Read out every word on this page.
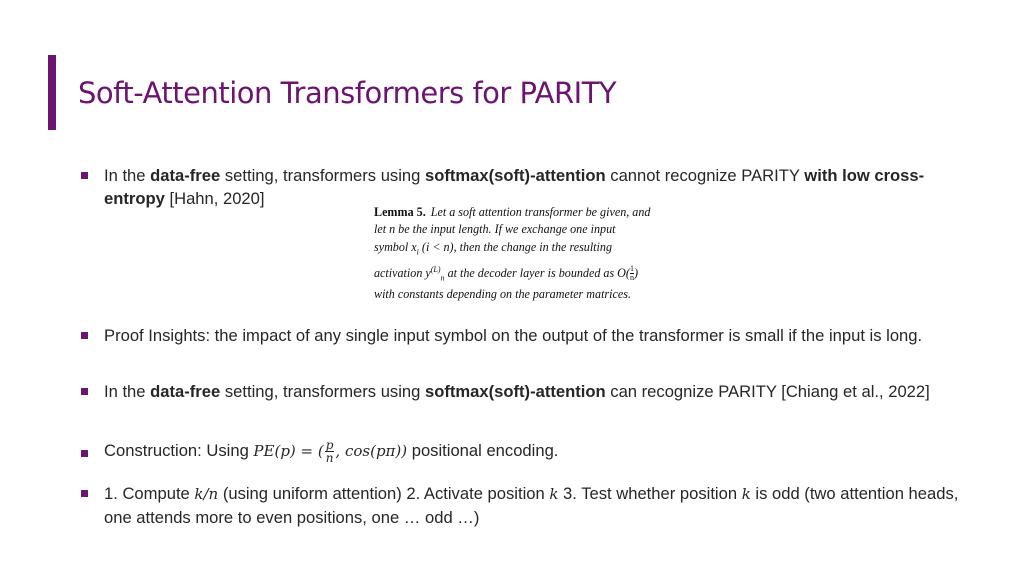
Soft-Attention Transformers for PARITY
In the data-free setting, transformers using softmax(soft)-attention cannot recognize PARITY with low cross-entropy [Hahn, 2020]
Lemma 5. Let a soft attention transformer be given, and let n be the input length. If we exchange one input symbol $x_i$ (i < n), then the change in the resulting activation $y^{(L)}_n$ at the decoder layer is bounded as $O( \frac{1}{n}$ ) with constants depending on the parameter matrices.
Proof Insights: the impact of any single input symbol on the output of the transformer is small if the input is long.
In the data-free setting, transformers using softmax(soft)-attention can recognize PARITY [Chiang et al., 2022]
Construction: Using PE(p) = ( $\frac{p}{n}$ , cos(pπ)) positional encoding.
1. Compute k/n (using uniform attention) 2. Activate position k 3. Test whether position k is odd (two attention heads, one attends more to even positions, one … odd …)
